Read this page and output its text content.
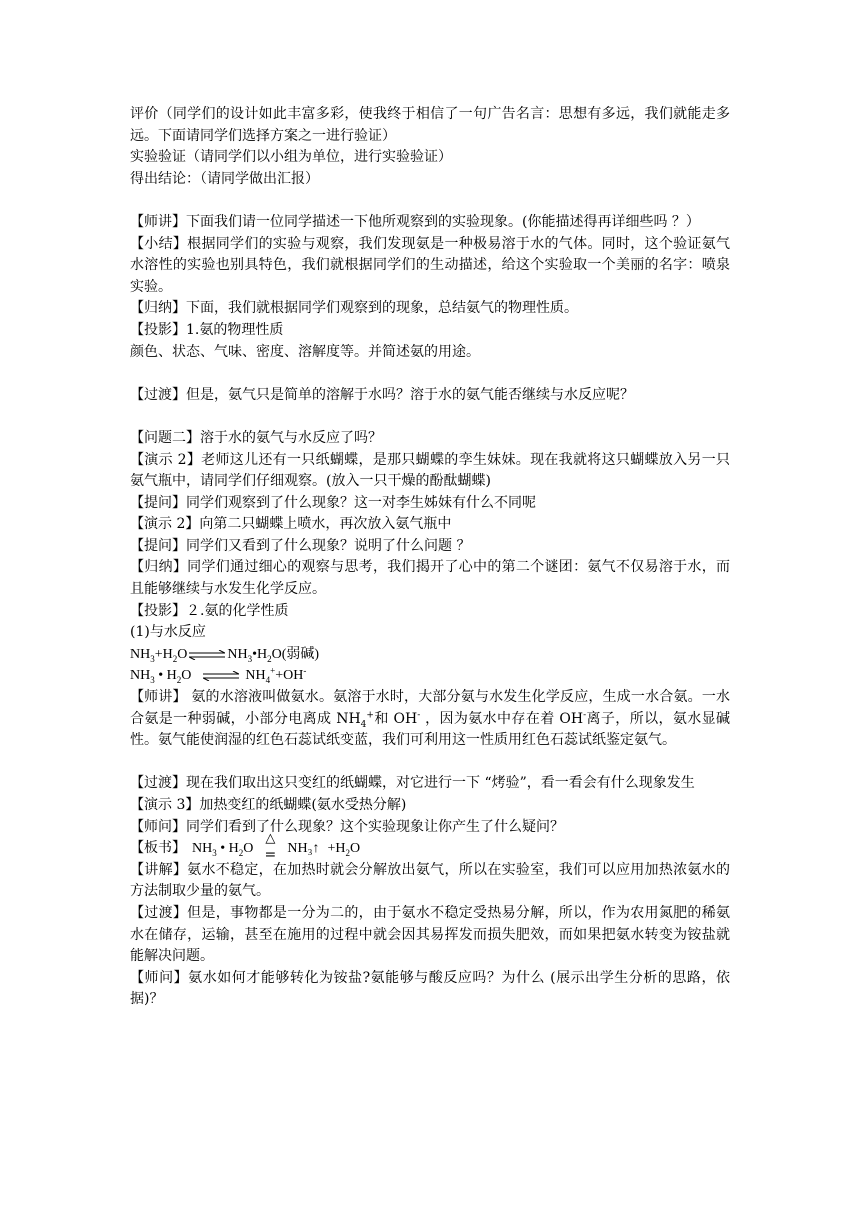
评价（同学们的设计如此丰富多彩，使我终于相信了一句广告名言：思想有多远，我们就能走多远。下面请同学们选择方案之一进行验证）

实验验证（请同学们以小组为单位，进行实验验证）

得出结论：（请同学做出汇报）

【师讲】下面我们请一位同学描述一下他所观察到的实验现象。(你能描述得再详细些吗 ？）

【小结】根据同学们的实验与观察，我们发现氨是一种极易溶于水的气体。同时，这个验证氨气水溶性的实验也别具特色，我们就根据同学们的生动描述，给这个实验取一个美丽的名字：喷泉实验。

【归纳】下面，我们就根据同学们观察到的现象，总结氨气的物理性质。

【投影】1.氨的物理性质

颜色、状态、气味、密度、溶解度等。并简述氨的用途。

【过渡】但是，氨气只是简单的溶解于水吗？溶于水的氨气能否继续与水反应呢？

【问题二】溶于水的氨气与水反应了吗？

【演示 2】老师这儿还有一只纸蝴蝶，是那只蝴蝶的孪生妹妹。现在我就将这只蝴蝶放入另一只氨气瓶中，请同学们仔细观察。(放入一只干燥的酚酞蝴蝶)

【提问】同学们观察到了什么现象？这一对李生姊妹有什么不同呢

【演示 2】向第二只蝴蝶上喷水，再次放入氨气瓶中

【提问】同学们又看到了什么现象？说明了什么问题 ？

【归纳】同学们通过细心的观察与思考，我们揭开了心中的第二个谜团：氨气不仅易溶于水，而且能够继续与水发生化学反应。

【投影】２.氨的化学性质

(1)与水反应

$NH_3+H_2O$ ⇌ $NH_3•H_2O$(弱碱)

$NH_3$ • $H_2O$ ⇌ $NH_4^++OH^-$

【师讲】 氨的水溶液叫做氨水。氨溶于水时，大部分氨与水发生化学反应，生成一水合氨。一水合氨是一种弱碱，小部分电离成 $NH_4^+$和 OH- ，因为氨水中存在着 OH-离子，所以，氨水显碱性。氨气能使润湿的红色石蕊试纸变蓝，我们可利用这一性质用红色石蕊试纸鉴定氨气。

【过渡】现在我们取出这只变红的纸蝴蝶，对它进行一下 “烤验”，看一看会有什么现象发生

【演示 3】加热变红的纸蝴蝶(氨水受热分解)

【师问】同学们看到了什么现象？这个实验现象让你产生了什么疑问？

【板书】 $NH_3$ • $H_2O$
△
= NH₃↑ $+H_2O$

【讲解】氨水不稳定，在加热时就会分解放出氨气，所以在实验室，我们可以应用加热浓氨水的方法制取少量的氨气。

【过渡】但是，事物都是一分为二的，由于氨水不稳定受热易分解，所以，作为农用氮肥的稀氨水在储存，运输，甚至在施用的过程中就会因其易挥发而损失肥效，而如果把氨水转变为铵盐就能解决问题。

【师问】氨水如何才能够转化为铵盐?氨能够与酸反应吗？为什么 (展示出学生分析的思路，依据)？
